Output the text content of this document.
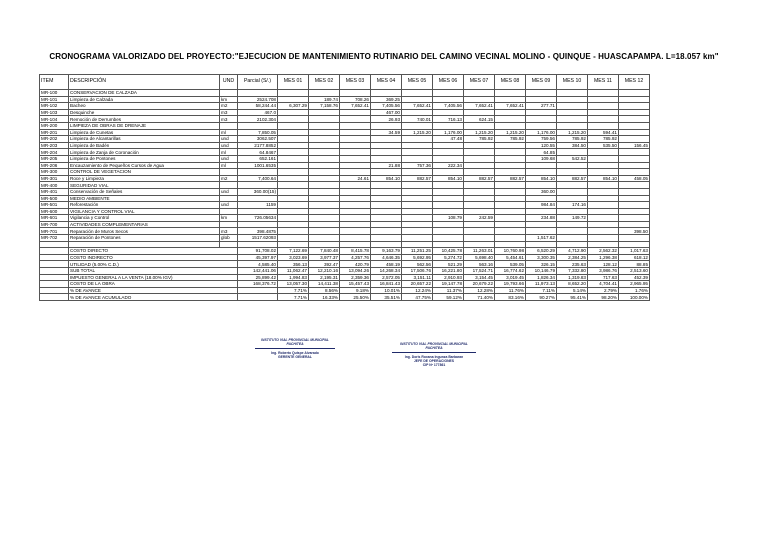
CRONOGRAMA VALORIZADO DEL PROYECTO:"EJECUCION DE MANTENIMIENTO RUTINARIO DEL CAMINO VECINAL MOLINO - QUINQUE - HUASCAPAMPA. L=18.057 km"
ITEM	DESCRIPCIÓN	UND	Parcial (S/.)	MES 01	MES 02	MES 03	MES 04	MES 05	MES 06	MES 07	MES 08	MES 09	MES 10	MES 11	MES 12
MR-100	CONSERVACION DE CALZADA														
MR-101	Limpieza de Calzada	km	2524.708		189.74	708.26	369.25								
MR-102	Bacheo	m2	58,244.44	6,307.29	7,158.76	7,652.41	7,405.56	7,652.41	7,405.56	7,652.41	7,652.41	277.71			
MR-103	Desquinche	m3	467.0				467.00								
MR-104	Remoción de Derrumbes	m3	2102.304				26.93	740.01	716.13	624.15					
MR-200	LIMPIEZA DE OBRAS DE DRENAJE														
MR-201	Limpieza de Cunetas	ml	7,850.05				34.59	1,215.20	1,176.00	1,215.20	1,215.20	1,176.00	1,215.20	594.41	
MR-202	Limpieza de Alcantarillas	und	3062.507						47.48	785.92	785.92	759.56	785.92	785.92	
MR-203	Limpieza de Badén	und	2177.8852									120.55	384.50	535.50	156.45
MR-204	Limpieza de Zanja de Coronación	ml	64.8467									64.85			
MR-205	Limpieza de Pontones	und	652.161									109.68	542.52		
MR-206	Encauzamiento de Pequeños Cursos de Agua	ml	1001.6535				21.88	757.36	222.34						
MR-300	CONTROL DE VEGETACION														
MR-301	Roce y Limpieza	m2	7,400.64			24.61	854.10	882.57	854.10	882.57	882.57	854.10	882.57	854.10	458.05
MR-400	SEGURIDAD VIAL														
MR-401	Conservación de Señales	und	360.00(15)									360.00			
MR-500	MEDIO AMBIENTE														
MR-501	Reforestación	und	1159									984.84	174.16		
MR-600	VIGILANCIA Y CONTROL VIAL														
MR-601	Vigilancia y Control	km	726.05634						108.79	242.59		234.88	149.72		
MR-700	ACTIVIDADES COMPLEMENTARIAS														
MR-701	Reparación de Muros Secos	m3	398.4875												398.50
MR-702	Reparación de Pontones	glob	1517.62093									1,517.62			

	COSTO DIRECTO		91,708.02	7,122.69	7,840.48	8,415.78	9,163.79	11,251.25	10,425.78	11,263.01	10,760.98	6,520.29	4,712.90	2,562.32	1,017.63
	COSTO INDIRECTO		45,397.97	3,023.69	3,977.37	4,257.76	4,646.35	5,692.95	5,274.72	5,698.40	5,454.61	3,300.35	2,384.25	1,296.38	618.12
	UTILIDAD (5.00% C.D.)		4,585.40	356.13	392.47	420.79	458.19	562.56	521.29	563.16	539.05	326.15	235.63	128.12	88.85
	SUB TOTAL		142,441.06	11,062.47	12,210.16	13,094.26	14,268.34	17,506.76	16,221.80	17,524.71	16,774.62	10,146.79	7,332.80	3,986.76	2,513.60
	IMPUESTO GENERAL A LA VENTA (18.00% IGV)		25,899.42	1,994.83	2,195.31	2,359.36	2,572.05	3,151.11	2,910.93	3,154.45	3,019.45	1,826.34	1,319.83	717.63	452.39
	COSTO DE LA OBRA		168,376.72	13,057.30	14,411.38	15,457.43	16,841.43	20,657.22	19,147.78	20,679.22	19,793.66	11,973.13	8,652.20	4,704.41	2,965.95
	% DE AVANCE			7.71%	8.56%	9.18%	10.01%	12.24%	11.37%	12.28%	11.76%	7.11%	5.14%	2.79%	1.76%
	% DE AVANCE ACUMULADO			7.71%	16.33%	25.50%	35.51%	47.75%	59.12%	71.40%	83.16%	90.27%	95.41%	98.20%	100.00%
INSTITUTO VIAL PROVINCIAL MUNICIPAL PACHITEA
Ing. Roberto Quispe Alvarado
GERENTE GENERAL
INSTITUTO VIAL PROVINCIAL MUNICIPAL PACHITEA
Ing. Doris Roxana Ingunza Barbaran
JEFE DE OPERACIONES
CIP Nº 177861
